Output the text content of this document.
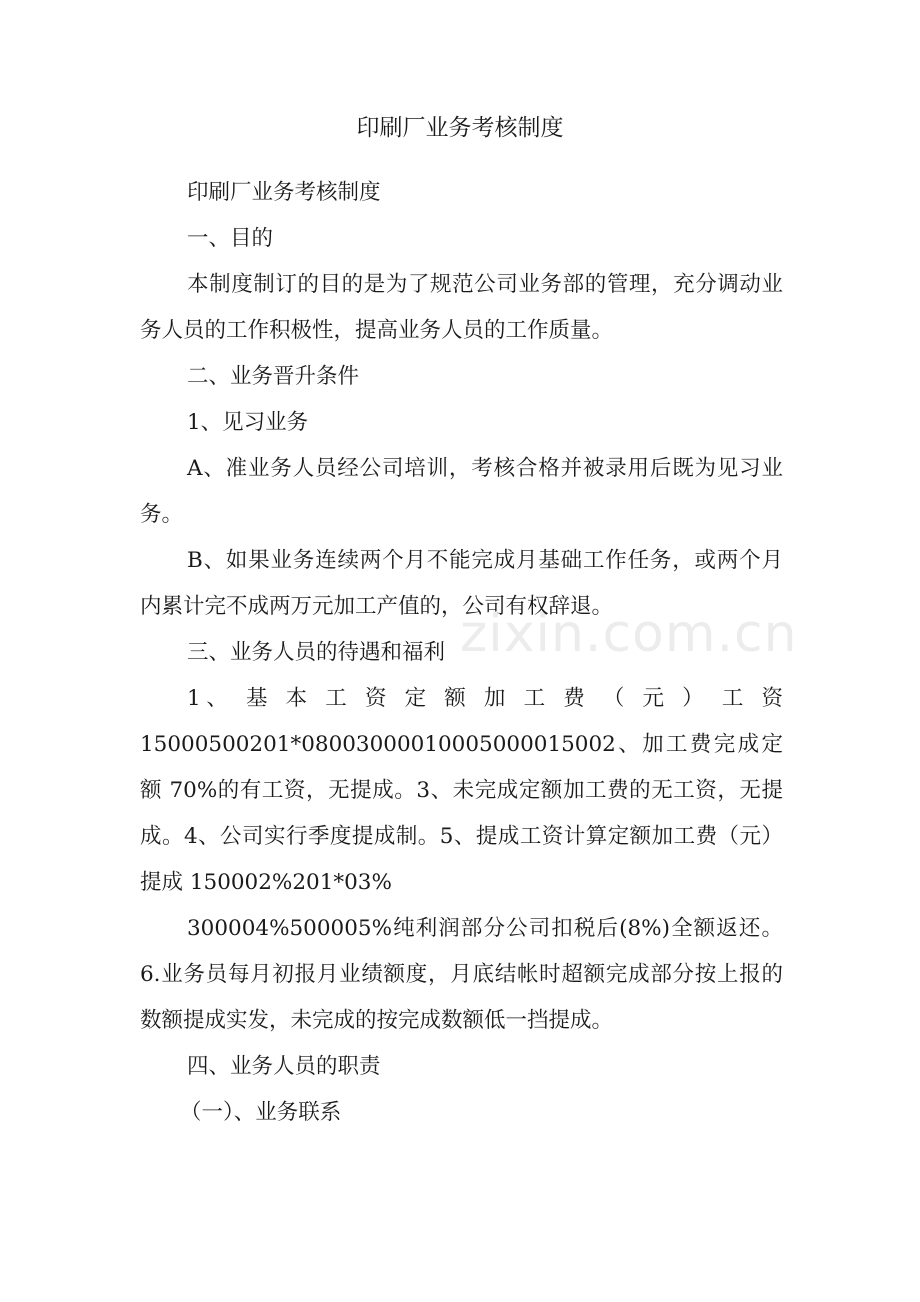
zixin.com.cn
印刷厂业务考核制度

印刷厂业务考核制度

一、目的

本制度制订的目的是为了规范公司业务部的管理，充分调动业务人员的工作积极性，提高业务人员的工作质量。

二、业务晋升条件

1、见习业务

A、准业务人员经公司培训，考核合格并被录用后既为见习业务。

B、如果业务连续两个月不能完成月基础工作任务，或两个月内累计完不成两万元加工产值的，公司有权辞退。

三、业务人员的待遇和福利

1、 基 本 工 资 定 额 加 工 费 （ 元 ） 工 资

15000500201*08003000010005000015002、加工费完成定额 70%的有工资，无提成。3、未完成定额加工费的无工资，无提成。4、公司实行季度提成制。5、提成工资计算定额加工费（元）提成 150002%201*03%

300004%500005%纯利润部分公司扣税后(8%)全额返还。6.业务员每月初报月业绩额度，月底结帐时超额完成部分按上报的数额提成实发，未完成的按完成数额低一挡提成。

四、业务人员的职责

（一）、业务联系
